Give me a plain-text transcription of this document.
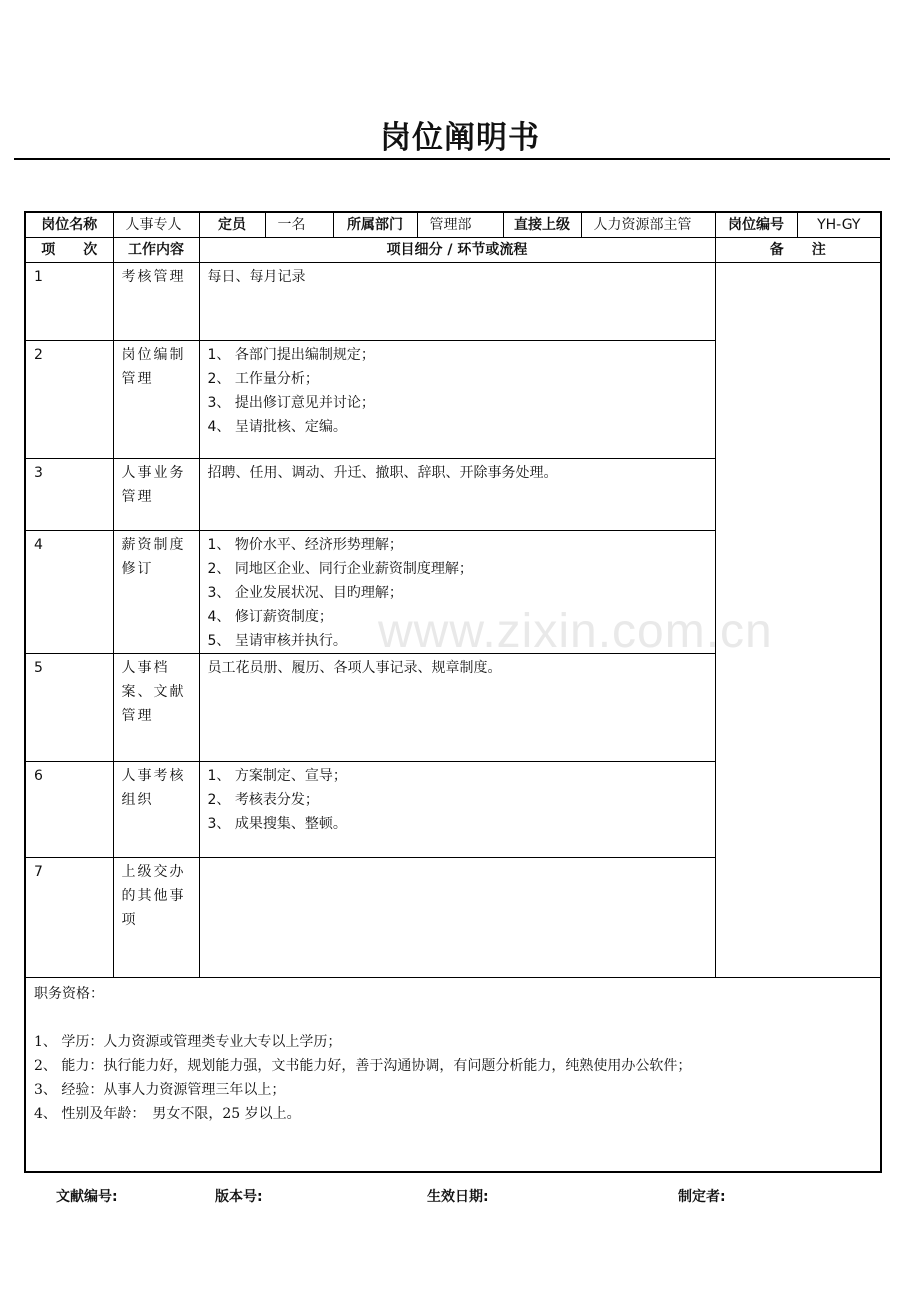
岗位阐明书
www.zixin.com.cn
岗位名称	人事专人	定员	一名	所属部门	管理部	直接上级	人力资源部主管	岗位编号	YH-GY
项　　次	工作内容	项目细分 / 环节或流程						备　　注	
1	考核管理	每日、每月记录							

2	岗位编制管理	1、 各部门提出编制规定；
2、 工作量分析；
3、 提出修订意见并讨论；
4、 呈请批核、定编。							

3	人事业务管理	招聘、任用、调动、升迁、撤职、辞职、开除事务处理。							

4	薪资制度修订	1、 物价水平、经济形势理解；
2、 同地区企业、同行企业薪资制度理解；
3、 企业发展状况、目旳理解；
4、 修订薪资制度；
5、 呈请审核并执行。							

5	人事档案、文献管理	员工花员册、履历、各项人事记录、规章制度。							

6	人事考核组织	1、 方案制定、宣导；
2、 考核表分发；
3、 成果搜集、整顿。							

7	上级交办的其他事项								

职务资格：
1、 学历：人力资源或管理类专业大专以上学历；
2、 能力：执行能力好，规划能力强，文书能力好，善于沟通协调，有问题分析能力，纯熟使用办公软件；
3、 经验：从事人力资源管理三年以上；
4、 性别及年龄：　男女不限，25 岁以上。									
文献编号:	版本号:	生效日期:	制定者:
